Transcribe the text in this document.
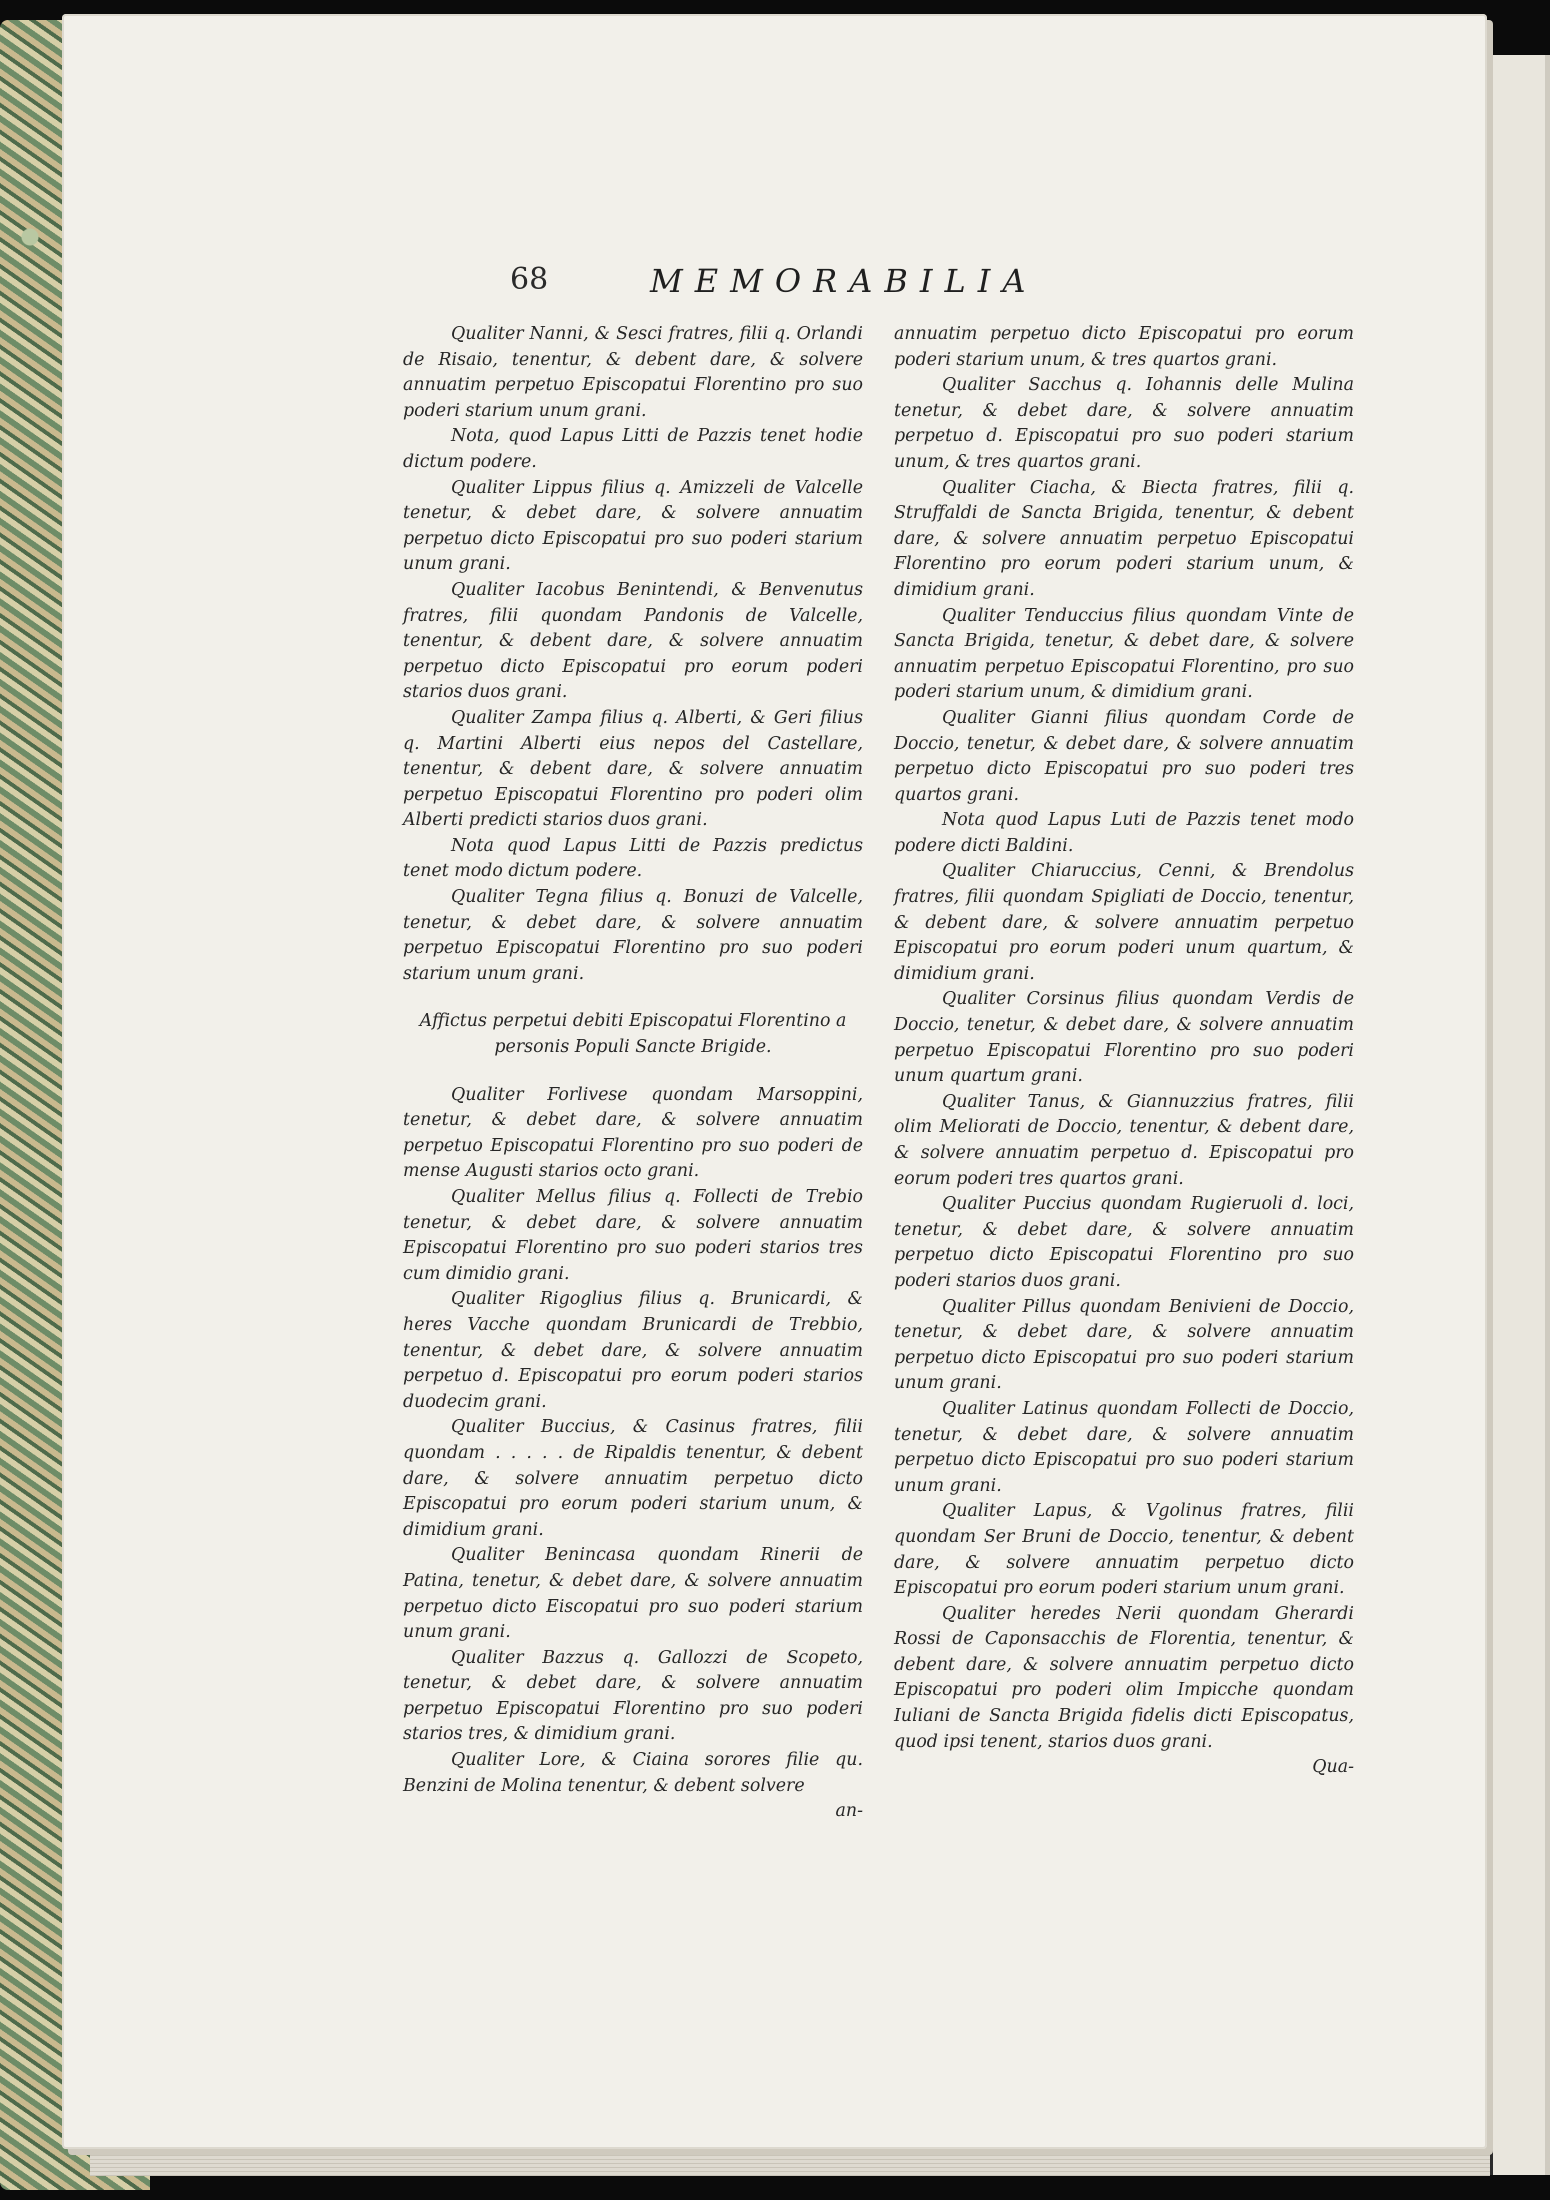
68	MEMORABILIA

Qualiter Nanni, & Sesci fratres, filii q. Orlandi de Risaio, tenentur, & debent dare, & solvere annuatim perpetuo Episcopatui Florentino pro suo poderi starium unum grani.

Nota, quod Lapus Litti de Pazzis tenet hodie dictum podere.

Qualiter Lippus filius q. Amizzeli de Valcelle tenetur, & debet dare, & solvere annuatim perpetuo dicto Episcopatui pro suo poderi starium unum grani.

Qualiter Iacobus Benintendi, & Benvenutus fratres, filii quondam Pandonis de Valcelle, tenentur, & debent dare, & solvere annuatim perpetuo dicto Episcopatui pro eorum poderi starios duos grani.

Qualiter Zampa filius q. Alberti, & Geri filius q. Martini Alberti eius nepos del Castellare, tenentur, & debent dare, & solvere annuatim perpetuo Episcopatui Florentino pro poderi olim Alberti predicti starios duos grani.

Nota quod Lapus Litti de Pazzis predictus tenet modo dictum podere.

Qualiter Tegna filius q. Bonuzi de Valcelle, tenetur, & debet dare, & solvere annuatim perpetuo Episcopatui Florentino pro suo poderi starium unum grani.

Affictus perpetui debiti Episcopatui Florentino a personis Populi Sancte Brigide.

Qualiter Forlivese quondam Marsoppini, tenetur, & debet dare, & solvere annuatim perpetuo Episcopatui Florentino pro suo poderi de mense Augusti starios octo grani.

Qualiter Mellus filius q. Follecti de Trebio tenetur, & debet dare, & solvere annuatim Episcopatui Florentino pro suo poderi starios tres cum dimidio grani.

Qualiter Rigoglius filius q. Brunicardi, & heres Vacche quondam Brunicardi de Trebbio, tenentur, & debet dare, & solvere annuatim perpetuo d. Episcopatui pro eorum poderi starios duodecim grani.

Qualiter Buccius, & Casinus fratres, filii quondam . . . . . de Ripaldis tenentur, & debent dare, & solvere annuatim perpetuo dicto Episcopatui pro eorum poderi starium unum, & dimidium grani.

Qualiter Benincasa quondam Rinerii de Patina, tenetur, & debet dare, & solvere annuatim perpetuo dicto Eiscopatui pro suo poderi starium unum grani.

Qualiter Bazzus q. Gallozzi de Scopeto, tenetur, & debet dare, & solvere annuatim perpetuo Episcopatui Florentino pro suo poderi starios tres, & dimidium grani.

Qualiter Lore, & Ciaina sorores filie qu. Benzini de Molina tenentur, & debent solvere

an-

annuatim perpetuo dicto Episcopatui pro eorum poderi starium unum, & tres quartos grani.

Qualiter Sacchus q. Iohannis delle Mulina tenetur, & debet dare, & solvere annuatim perpetuo d. Episcopatui pro suo poderi starium unum, & tres quartos grani.

Qualiter Ciacha, & Biecta fratres, filii q. Struffaldi de Sancta Brigida, tenentur, & debent dare, & solvere annuatim perpetuo Episcopatui Florentino pro eorum poderi starium unum, & dimidium grani.

Qualiter Tenduccius filius quondam Vinte de Sancta Brigida, tenetur, & debet dare, & solvere annuatim perpetuo Episcopatui Florentino, pro suo poderi starium unum, & dimidium grani.

Qualiter Gianni filius quondam Corde de Doccio, tenetur, & debet dare, & solvere annuatim perpetuo dicto Episcopatui pro suo poderi tres quartos grani.

Nota quod Lapus Luti de Pazzis tenet modo podere dicti Baldini.

Qualiter Chiaruccius, Cenni, & Brendolus fratres, filii quondam Spigliati de Doccio, tenentur, & debent dare, & solvere annuatim perpetuo Episcopatui pro eorum poderi unum quartum, & dimidium grani.

Qualiter Corsinus filius quondam Verdis de Doccio, tenetur, & debet dare, & solvere annuatim perpetuo Episcopatui Florentino pro suo poderi unum quartum grani.

Qualiter Tanus, & Giannuzzius fratres, filii olim Meliorati de Doccio, tenentur, & debent dare, & solvere annuatim perpetuo d. Episcopatui pro eorum poderi tres quartos grani.

Qualiter Puccius quondam Rugieruoli d. loci, tenetur, & debet dare, & solvere annuatim perpetuo dicto Episcopatui Florentino pro suo poderi starios duos grani.

Qualiter Pillus quondam Benivieni de Doccio, tenetur, & debet dare, & solvere annuatim perpetuo dicto Episcopatui pro suo poderi starium unum grani.

Qualiter Latinus quondam Follecti de Doccio, tenetur, & debet dare, & solvere annuatim perpetuo dicto Episcopatui pro suo poderi starium unum grani.

Qualiter Lapus, & Vgolinus fratres, filii quondam Ser Bruni de Doccio, tenentur, & debent dare, & solvere annuatim perpetuo dicto Episcopatui pro eorum poderi starium unum grani.

Qualiter heredes Nerii quondam Gherardi Rossi de Caponsacchis de Florentia, tenentur, & debent dare, & solvere annuatim perpetuo dicto Episcopatui pro poderi olim Impicche quondam Iuliani de Sancta Brigida fidelis dicti Episcopatus, quod ipsi tenent, starios duos grani.

Qua-
